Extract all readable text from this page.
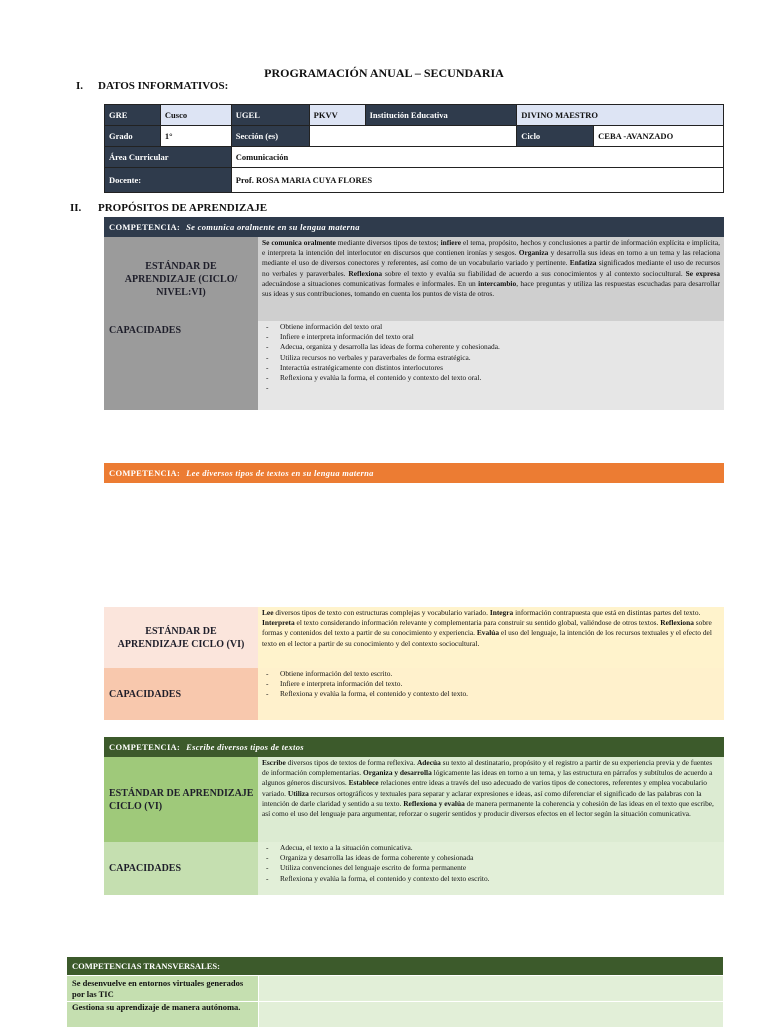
PROGRAMACIÓN ANUAL – SECUNDARIA
I. DATOS INFORMATIVOS:
GRE	Cusco	UGEL	PKVV	Institución Educativa	DIVINO MAESTRO	
Grado	1°	Sección (es)			Ciclo	CEBA -AVANZADO
Área Curricular		Comunicación				
Docente:		Prof. ROSA MARIA CUYA FLORES				
II. PROPÓSITOS DE APRENDIZAJE
COMPETENCIA: Se comunica oralmente en su lengua materna
ESTÁNDAR DE APRENDIZAJE (CICLO/ NIVEL:VI)
Se comunica oralmente mediante diversos tipos de textos; infiere el tema, propósito, hechos y conclusiones a partir de información explícita e implícita, e interpreta la intención del interlocutor en discursos que contienen ironías y sesgos. Organiza y desarrolla sus ideas en torno a un tema y las relaciona mediante el uso de diversos conectores y referentes, así como de un vocabulario variado y pertinente. Enfatiza significados mediante el uso de recursos no verbales y paraverbales. Reflexiona sobre el texto y evalúa su fiabilidad de acuerdo a sus conocimientos y al contexto sociocultural. Se expresa adecuándose a situaciones comunicativas formales e informales. En un intercambio, hace preguntas y utiliza las respuestas escuchadas para desarrollar sus ideas y sus contribuciones, tomando en cuenta los puntos de vista de otros.
CAPACIDADES	- Obtiene información del texto oral
- Infiere e interpreta información del texto oral
- Adecua, organiza y desarrolla las ideas de forma coherente y cohesionada.
- Utiliza recursos no verbales y paraverbales de forma estratégica.
- Interactúa estratégicamente con distintos interlocutores
- Reflexiona y evalúa la forma, el contenido y contexto del texto oral.
COMPETENCIA: Lee diversos tipos de textos en su lengua materna
ESTÁNDAR DE APRENDIZAJE CICLO (VI)
Lee diversos tipos de texto con estructuras complejas y vocabulario variado. Integra información contrapuesta que está en distintas partes del texto. Interpreta el texto considerando información relevante y complementaria para construir su sentido global, valiéndose de otros textos. Reflexiona sobre formas y contenidos del texto a partir de su conocimiento y experiencia. Evalúa el uso del lenguaje, la intención de los recursos textuales y el efecto del texto en el lector a partir de su conocimiento y del contexto sociocultural.
CAPACIDADES
- Obtiene información del texto escrito.
- Infiere e interpreta información del texto.
- Reflexiona y evalúa la forma, el contenido y contexto del texto.
COMPETENCIA: Escribe diversos tipos de textos
ESTÁNDAR DE APRENDIZAJE CICLO (VI)
Escribe diversos tipos de textos de forma reflexiva. Adecúa su texto al destinatario, propósito y el registro a partir de su experiencia previa y de fuentes de información complementarias. Organiza y desarrolla lógicamente las ideas en torno a un tema, y las estructura en párrafos y subtítulos de acuerdo a algunos géneros discursivos. Establece relaciones entre ideas a través del uso adecuado de varios tipos de conectores, referentes y emplea vocabulario variado. Utiliza recursos ortográficos y textuales para separar y aclarar expresiones e ideas, así como diferenciar el significado de las palabras con la intención de darle claridad y sentido a su texto. Reflexiona y evalúa de manera permanente la coherencia y cohesión de las ideas en el texto que escribe, así como el uso del lenguaje para argumentar, reforzar o sugerir sentidos y producir diversos efectos en el lector según la situación comunicativa.
CAPACIDADES
- Adecua, el texto a la situación comunicativa.
- Organiza y desarrolla las ideas de forma coherente y cohesionada
- Utiliza convenciones del lenguaje escrito de forma permanente
- Reflexiona y evalúa la forma, el contenido y contexto del texto escrito.
COMPETENCIAS TRANSVERSALES:	
Se desenvuelve en entornos virtuales generados por las TIC	
Gestiona su aprendizaje de manera autónoma.	
